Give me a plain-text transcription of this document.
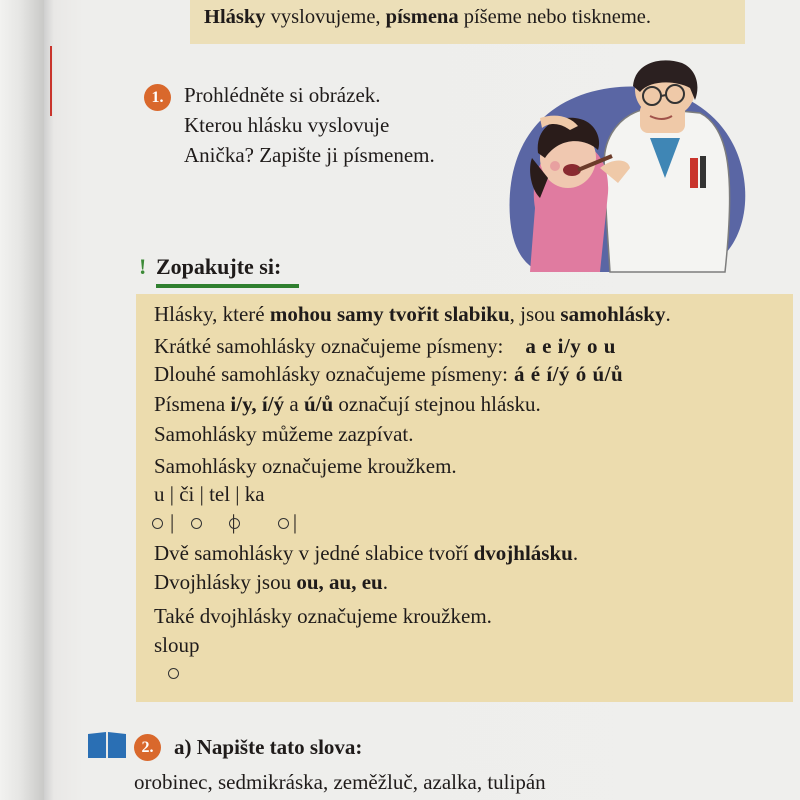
Hlásky vyslovujeme, písmena píšeme nebo tiskneme.
1. Prohlédněte si obrázek.
Kterou hlásku vyslovuje
Anička? Zapište ji písmenem.
! Zopakujte si:
Hlásky, které mohou samy tvořit slabiku, jsou samohlásky.
Krátké samohlásky označujeme písmeny: a e i/y o u
Dlouhé samohlásky označujeme písmeny: á é í/ý ó ú/ů
Písmena i/y, í/ý a ú/ů označují stejnou hlásku.
Samohlásky můžeme zazpívat.
Samohlásky označujeme kroužkem.
u | či | tel | ka
| | |
Dvě samohlásky v jedné slabice tvoří dvojhlásku.
Dvojhlásky jsou ou, au, eu.
Také dvojhlásky označujeme kroužkem.
sloup
2. a) Napište tato slova:
orobinec, sedmikráska, zeměžluč, azalka, tulipán
